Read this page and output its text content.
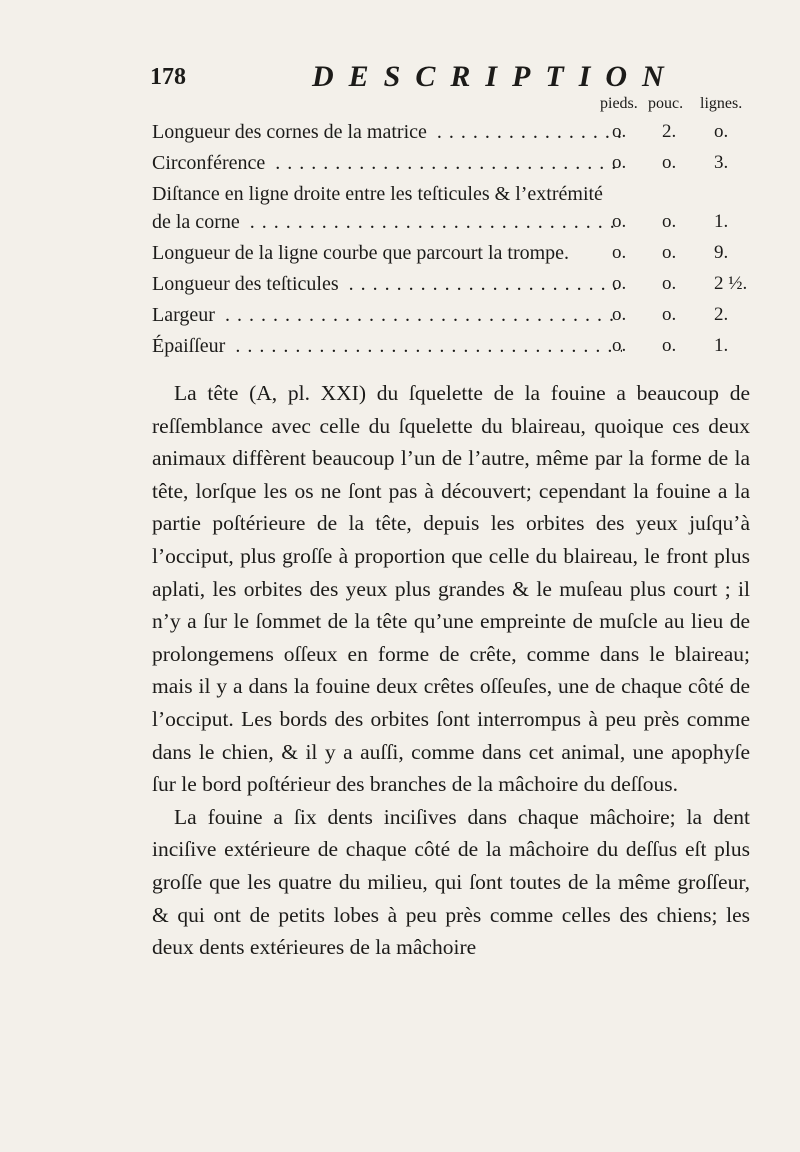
178	DESCRIPTION
pieds. pouc. lignes.
Longueur des cornes de la matrice . . .	o. 2. o.
Circonférence . . .	o. o. 3.
Diſtance en ligne droite entre les teſticules & l’extrémité
de la corne . . .	o. o. 1.
Longueur de la ligne courbe que parcourt la trompe.	o. o. 9.
Longueur des teſticules . . .	o. o. 2 ½.
Largeur . . .	o. o. 2.
Épaiſſeur . . .	o. o. 1.

La tête (A, pl. XXI) du ſquelette de la fouine a beaucoup de reſſemblance avec celle du ſquelette du blaireau, quoique ces deux animaux diffèrent beaucoup l’un de l’autre, même par la forme de la tête, lorſque les os ne ſont pas à découvert; cependant la fouine a la partie poſtérieure de la tête, depuis les orbites des yeux juſqu’à l’occiput, plus groſſe à proportion que celle du blaireau, le front plus aplati, les orbites des yeux plus grandes & le muſeau plus court ; il n’y a ſur le ſommet de la tête qu’une empreinte de muſcle au lieu de prolongemens oſſeux en forme de crête, comme dans le blaireau; mais il y a dans la fouine deux crêtes oſſeuſes, une de chaque côté de l’occiput. Les bords des orbites ſont interrompus à peu près comme dans le chien, & il y a auſſi, comme dans cet animal, une apophyſe ſur le bord poſtérieur des branches de la mâchoire du deſſous.

La fouine a ſix dents inciſives dans chaque mâchoire; la dent inciſive extérieure de chaque côté de la mâchoire du deſſus eſt plus groſſe que les quatre du milieu, qui ſont toutes de la même groſſeur, & qui ont de petits lobes à peu près comme celles des chiens; les deux dents extérieures de la mâchoire
